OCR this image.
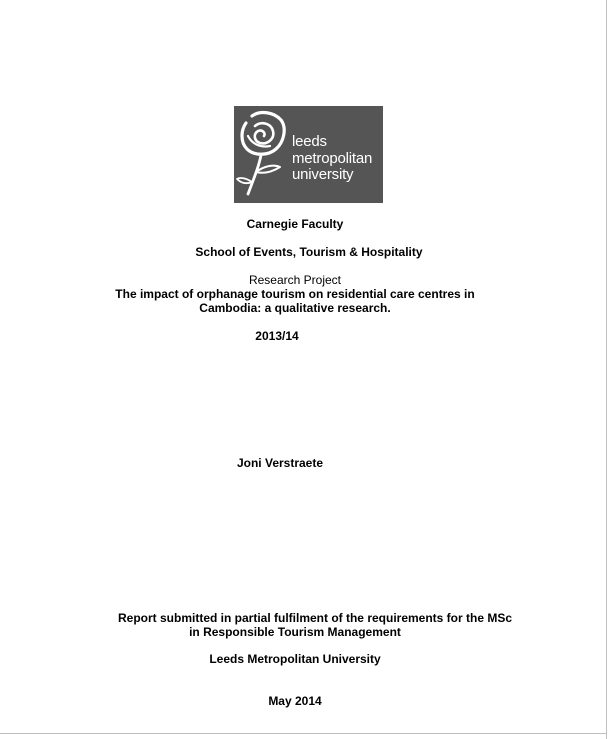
leeds
metropolitan
university
Carnegie Faculty
School of Events, Tourism & Hospitality
Research Project
The impact of orphanage tourism on residential care centres in
Cambodia: a qualitative research.
2013/14
Joni Verstraete
Report submitted in partial fulfilment of the requirements for the MSc
in Responsible Tourism Management
Leeds Metropolitan University
May 2014
